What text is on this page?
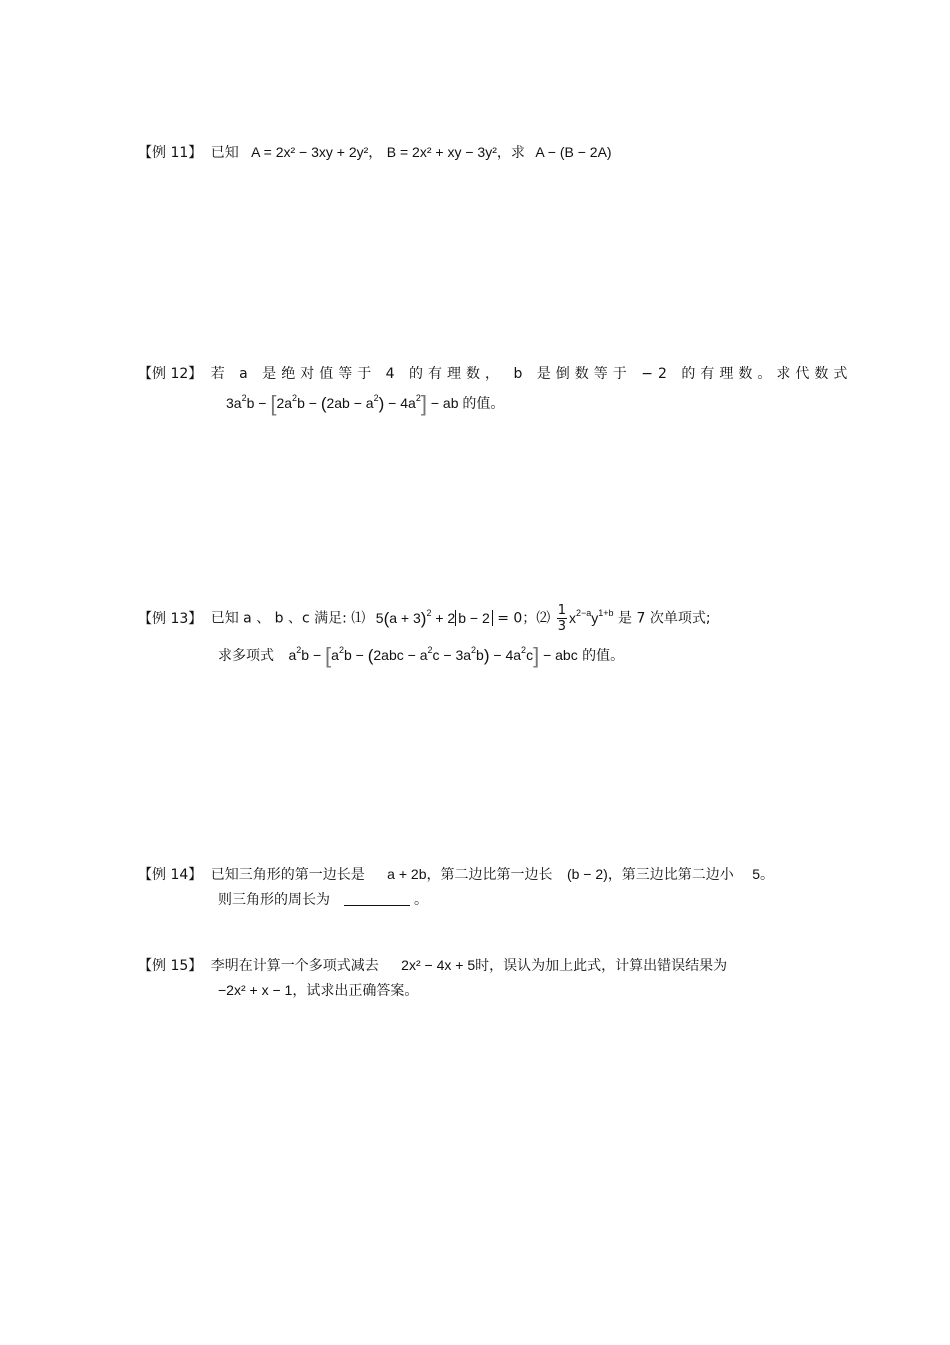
【例 11】 已知 A = 2x² − 3xy + 2y²， B = 2x² + xy − 3y²，求 A − (B − 2A)
【例 12】 若 a 是绝对值等于 4 的有理数， b 是倒数等于 −2 的有理数。求代数式
$3a^2b - [2a^2b - (2ab - a^2) - 4a^2]$ − ab 的值。
【例 13】 已知 a 、 b 、c 满足: ⑴ $5(a + 3)^2 + 2$ b − 2 = 0；⑵ $\frac{1}{3} x^{2-a}y^{1+b}$ 是 7 次单项式;
求多项式 $a^2b - [a^2b - (2abc - a^2c - 3a^2b) - 4a^2c]$ − abc 的值。
【例 14】 已知三角形的第一边长是 a + 2b，第二边比第一边长 (b − 2)，第三边比第二边小 5。
则三角形的周长为	。
【例 15】 李明在计算一个多项式减去 2x² − 4x + 5时，误认为加上此式，计算出错误结果为
−2x² + x − 1，试求出正确答案。
